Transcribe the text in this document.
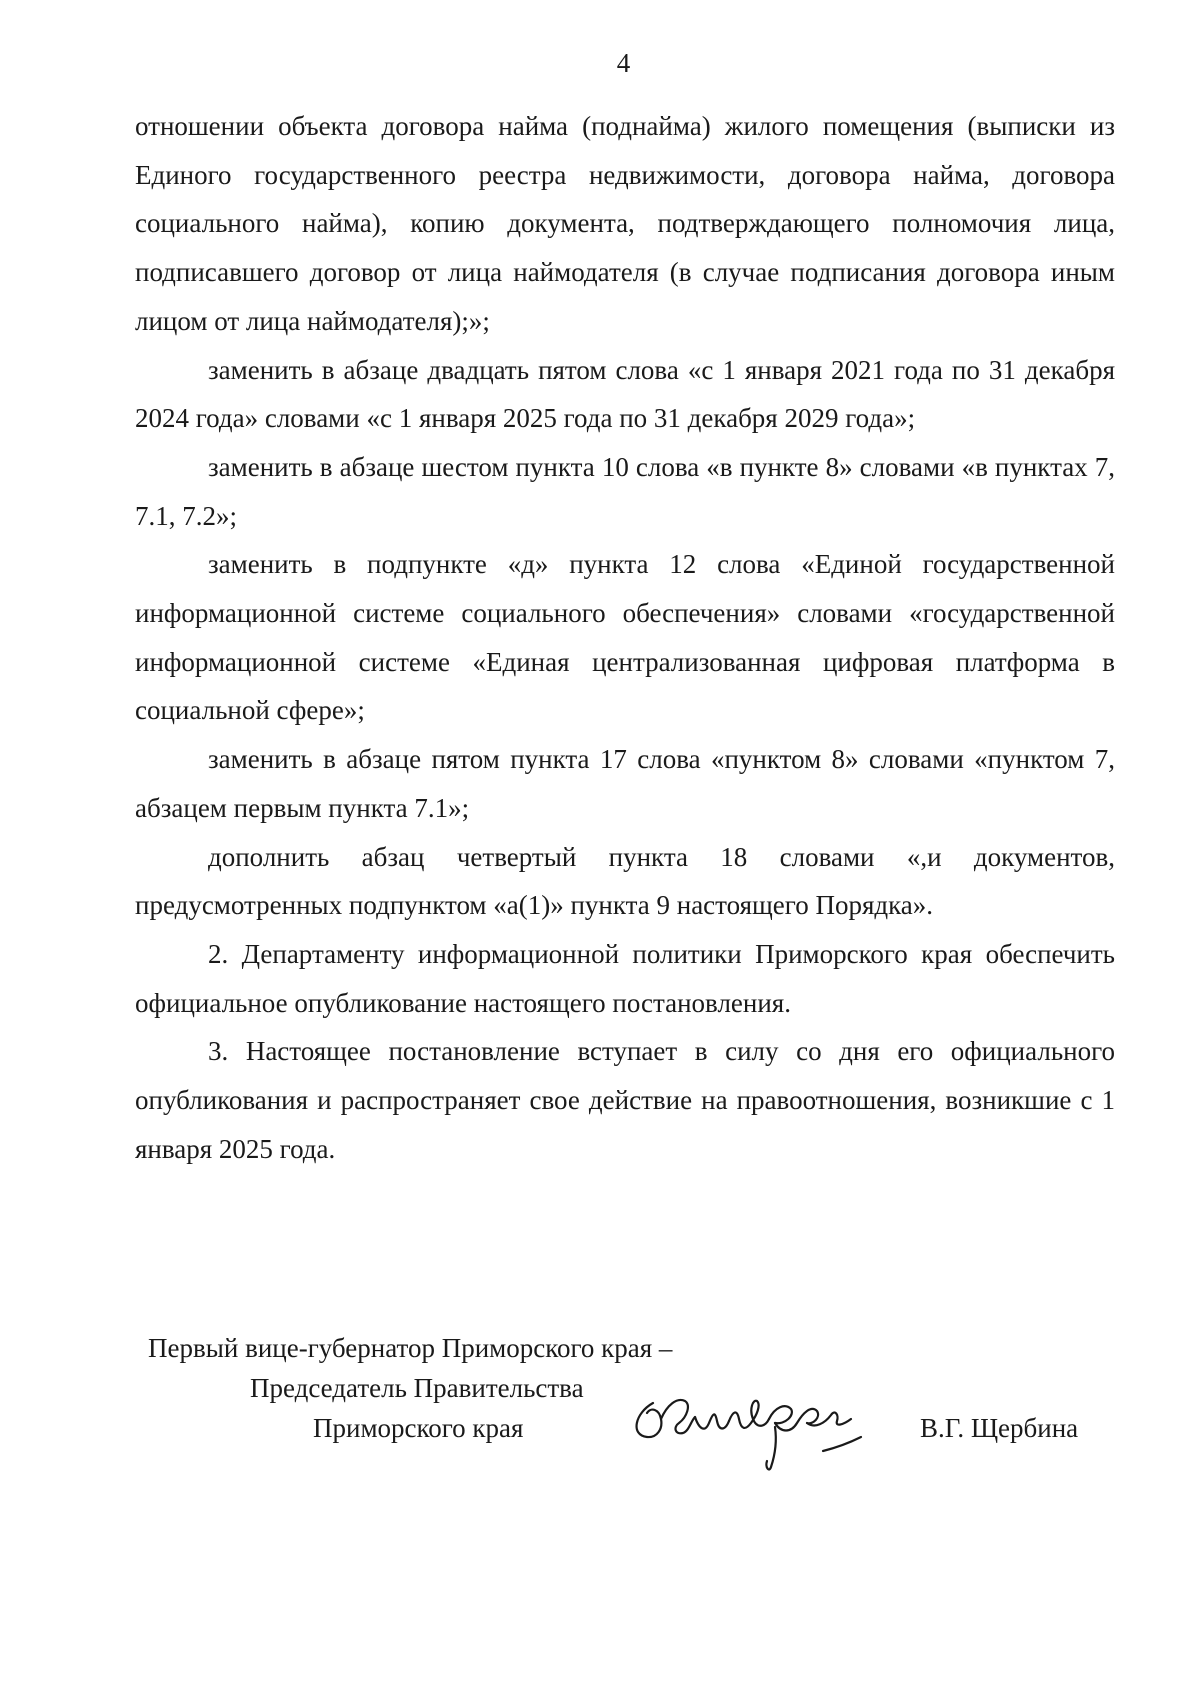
4

отношении объекта договора найма (поднайма) жилого помещения (выписки из Единого государственного реестра недвижимости, договора найма, договора социального найма), копию документа, подтверждающего полномочия лица, подписавшего договор от лица наймодателя (в случае подписания договора иным лицом от лица наймодателя);»;

заменить в абзаце двадцать пятом слова «с 1 января 2021 года по 31 декабря 2024 года» словами «с 1 января 2025 года по 31 декабря 2029 года»;

заменить в абзаце шестом пункта 10 слова «в пункте 8» словами «в пунктах 7, 7.1, 7.2»;

заменить в подпункте «д» пункта 12 слова «Единой государственной информационной системе социального обеспечения» словами «государственной информационной системе «Единая централизованная цифровая платформа в социальной сфере»;

заменить в абзаце пятом пункта 17 слова «пунктом 8» словами «пунктом 7, абзацем первым пункта 7.1»;

дополнить абзац четвертый пункта 18 словами «,и документов, предусмотренных подпунктом «а(1)» пункта 9 настоящего Порядка».

2. Департаменту информационной политики Приморского края обеспечить официальное опубликование настоящего постановления.

3. Настоящее постановление вступает в силу со дня его официального опубликования и распространяет свое действие на правоотношения, возникшие с 1 января 2025 года.

Первый вице-губернатор Приморского края –
Председатель Правительства
Приморского края	В.Г. Щербина
